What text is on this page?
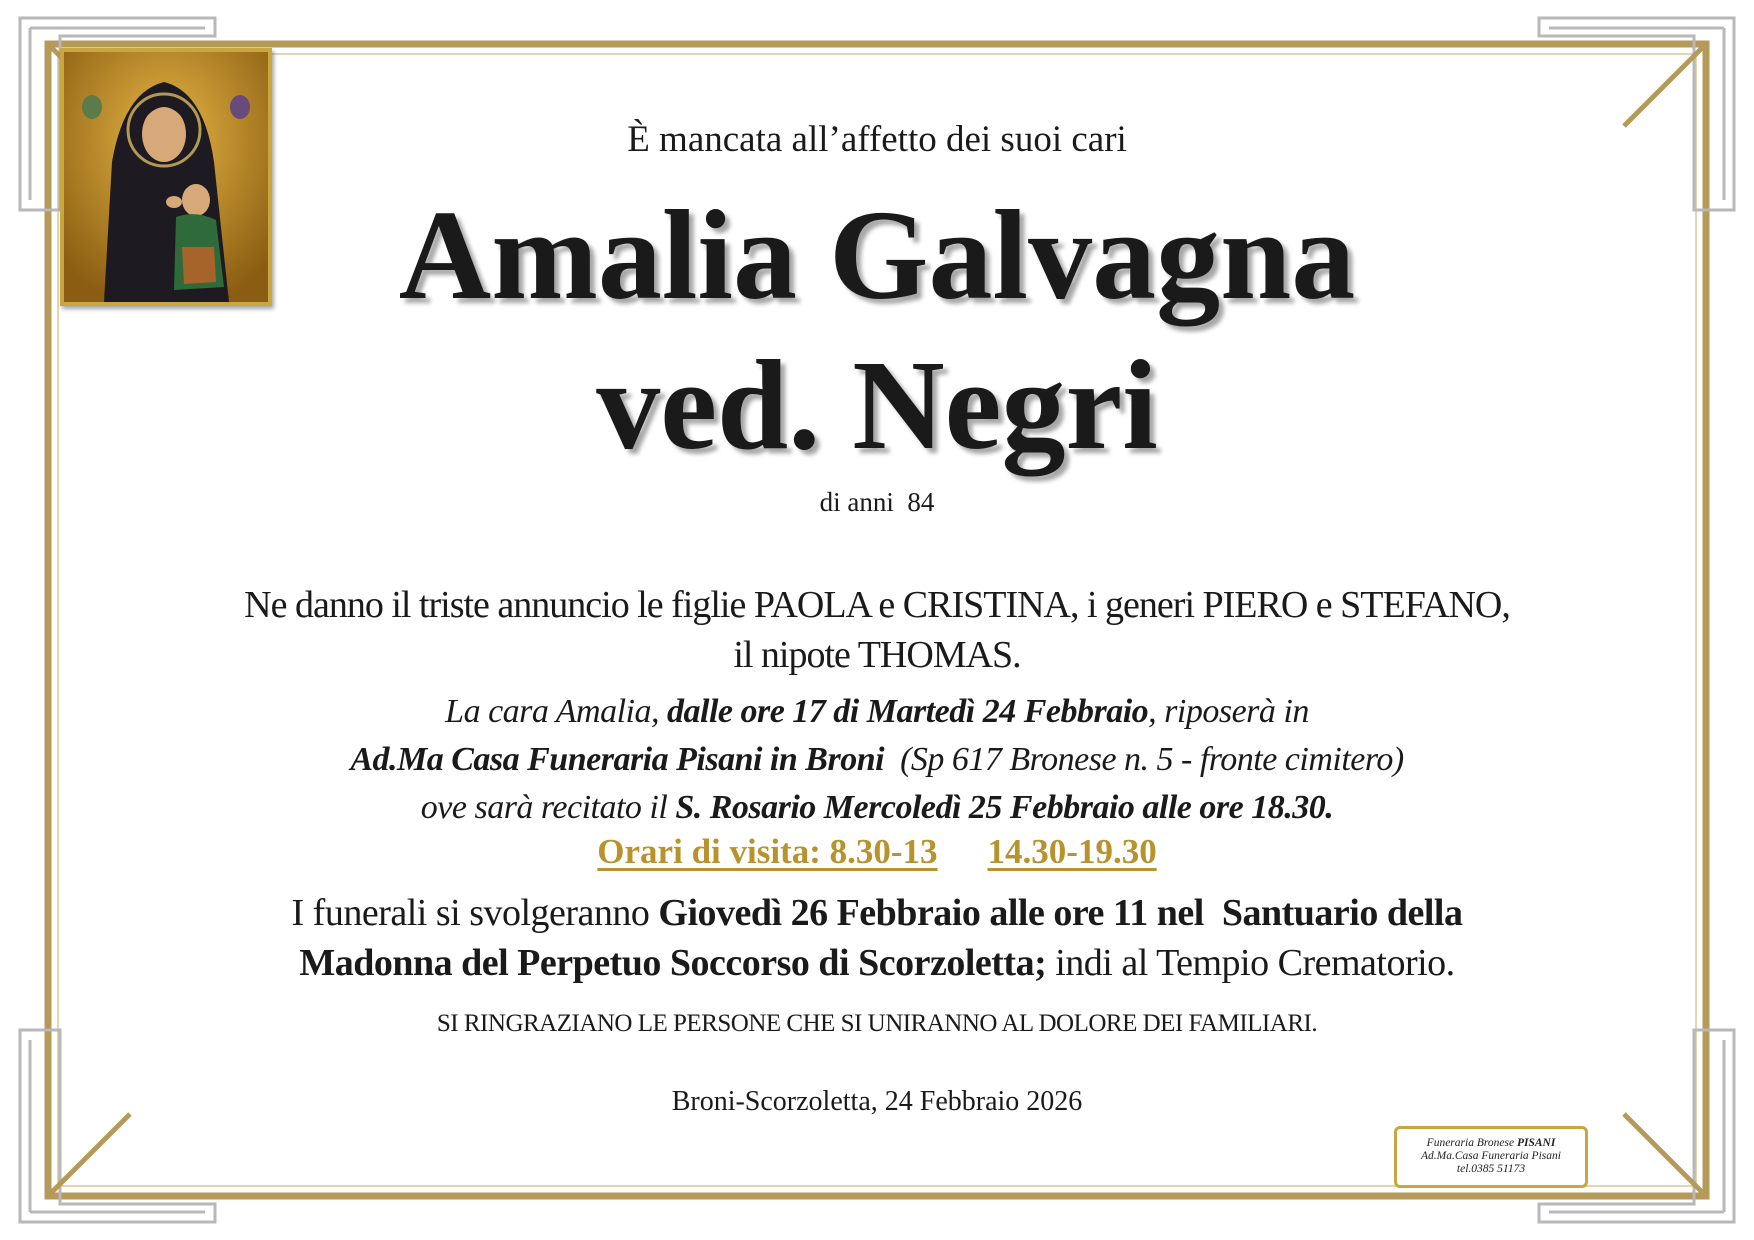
È mancata all’affetto dei suoi cari
Amalia Galvagna
ved. Negri
di anni 84
Ne danno il triste annuncio le figlie PAOLA e CRISTINA, i generi PIERO e STEFANO,
il nipote THOMAS.
La cara Amalia, dalle ore 17 di Martedì 24 Febbraio, riposerà in
Ad.Ma Casa Funeraria Pisani in Broni  (Sp 617 Bronese n. 5 - fronte cimitero)
ove sarà recitato il S. Rosario Mercoledì 25 Febbraio alle ore 18.30.
Orari di visita: 8.30-13 14.30-19.30
I funerali si svolgeranno Giovedì 26 Febbraio alle ore 11 nel  Santuario della
Madonna del Perpetuo Soccorso di Scorzoletta; indi al Tempio Crematorio.
SI RINGRAZIANO LE PERSONE CHE SI UNIRANNO AL DOLORE DEI FAMILIARI.
Broni-Scorzoletta, 24 Febbraio 2026
Funeraria Bronese PISANI
Ad.Ma.Casa Funeraria Pisani
tel.0385 51173
